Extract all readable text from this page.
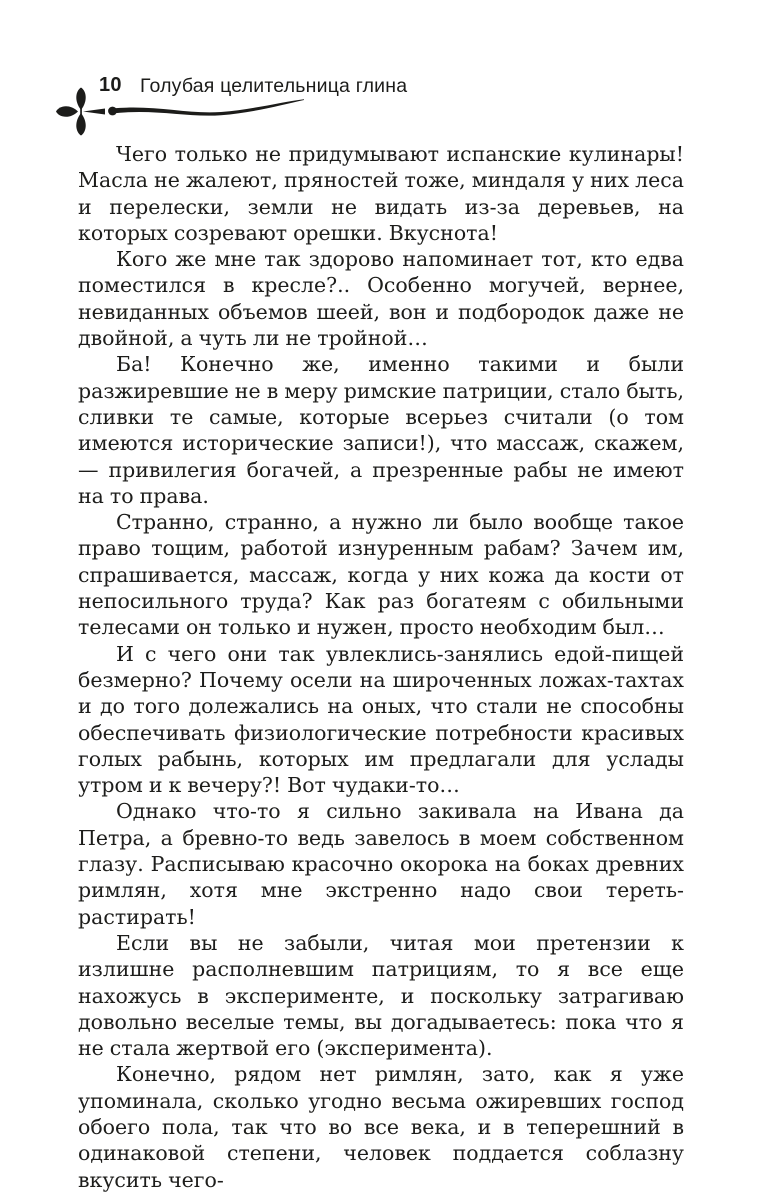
10 Голубая целительница глина

Чего только не придумывают испанские кулинары! Масла не жалеют, пряностей тоже, миндаля у них леса и перелески, земли не видать из-за деревьев, на которых созревают орешки. Вкуснота!

Кого же мне так здорово напоминает тот, кто едва поместился в кресле?.. Особенно могучей, вернее, невиданных объемов шеей, вон и подбородок даже не двойной, а чуть ли не тройной…

Ба! Конечно же, именно такими и были разжиревшие не в меру римские патриции, стало быть, сливки те самые, которые всерьез считали (о том имеются исторические записи!), что массаж, скажем, — привилегия богачей, а презренные рабы не имеют на то права.

Странно, странно, а нужно ли было вообще такое право тощим, работой изнуренным рабам? Зачем им, спрашивается, массаж, когда у них кожа да кости от непосильного труда? Как раз богатеям с обильными телесами он только и нужен, просто необходим был…

И с чего они так увлеклись-занялись едой-пищей безмерно? Почему осели на широченных ложах-тахтах и до того долежались на оных, что стали не способны обеспечивать физиологические потребности красивых голых рабынь, которых им предлагали для услады утром и к вечеру?! Вот чудаки-то…

Однако что-то я сильно закивала на Ивана да Петра, а бревно-то ведь завелось в моем собственном глазу. Расписываю красочно окорока на боках древних римлян, хотя мне экстренно надо свои тереть-растирать!

Если вы не забыли, читая мои претензии к излишне располневшим патрициям, то я все еще нахожусь в эксперименте, и поскольку затрагиваю довольно веселые темы, вы догадываетесь: пока что я не стала жертвой его (эксперимента).

Конечно, рядом нет римлян, зато, как я уже упоминала, сколько угодно весьма ожиревших господ обоего пола, так что во все века, и в теперешний в одинаковой степени, человек поддается соблазну вкусить чего-
